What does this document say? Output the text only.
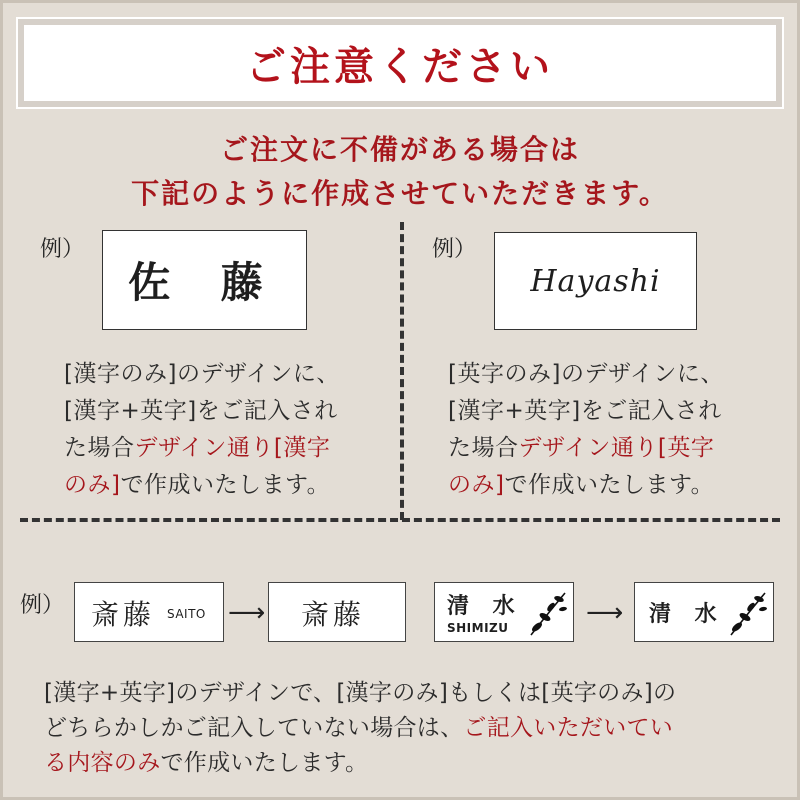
ご注意ください
ご注文に不備がある場合は
下記のように作成させていただきます。
例）
佐 藤
[漢字のみ]のデザインに、
[漢字+英字]をご記入され
た場合デザイン通り[漢字
のみ]で作成いたします。
例）
Hayashi
[英字のみ]のデザインに、
[漢字+英字]をご記入され
た場合デザイン通り[英字
のみ]で作成いたします。
例） 斎藤 SAITO ⟶ 斎藤	清 水
SHIMIZU	⟶ 清 水
[漢字+英字]のデザインで、[漢字のみ]もしくは[英字のみ]の
どちらかしかご記入していない場合は、ご記入いただいてい
る内容のみで作成いたします。
